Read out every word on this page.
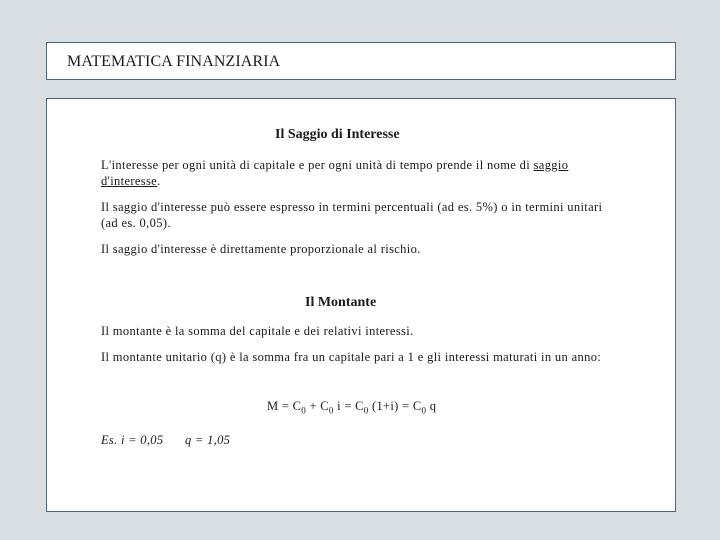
MATEMATICA FINANZIARIA
Il Saggio di Interesse
L'interesse per ogni unità di capitale e per ogni unità di tempo prende il nome di saggio d'interesse.
Il saggio d'interesse può essere espresso in termini percentuali (ad es. 5%) o in termini unitari (ad es. 0,05).
Il saggio d'interesse è direttamente proporzionale al rischio.
Il Montante
Il montante è la somma del capitale e dei relativi interessi.
Il montante unitario (q) è la somma fra un capitale pari a 1 e gli interessi maturati in un anno:
$M = C_0 + C_0$ $i = C_0$ $(1+i) = C_0$ q
Es. i = 0,05 q = 1,05
